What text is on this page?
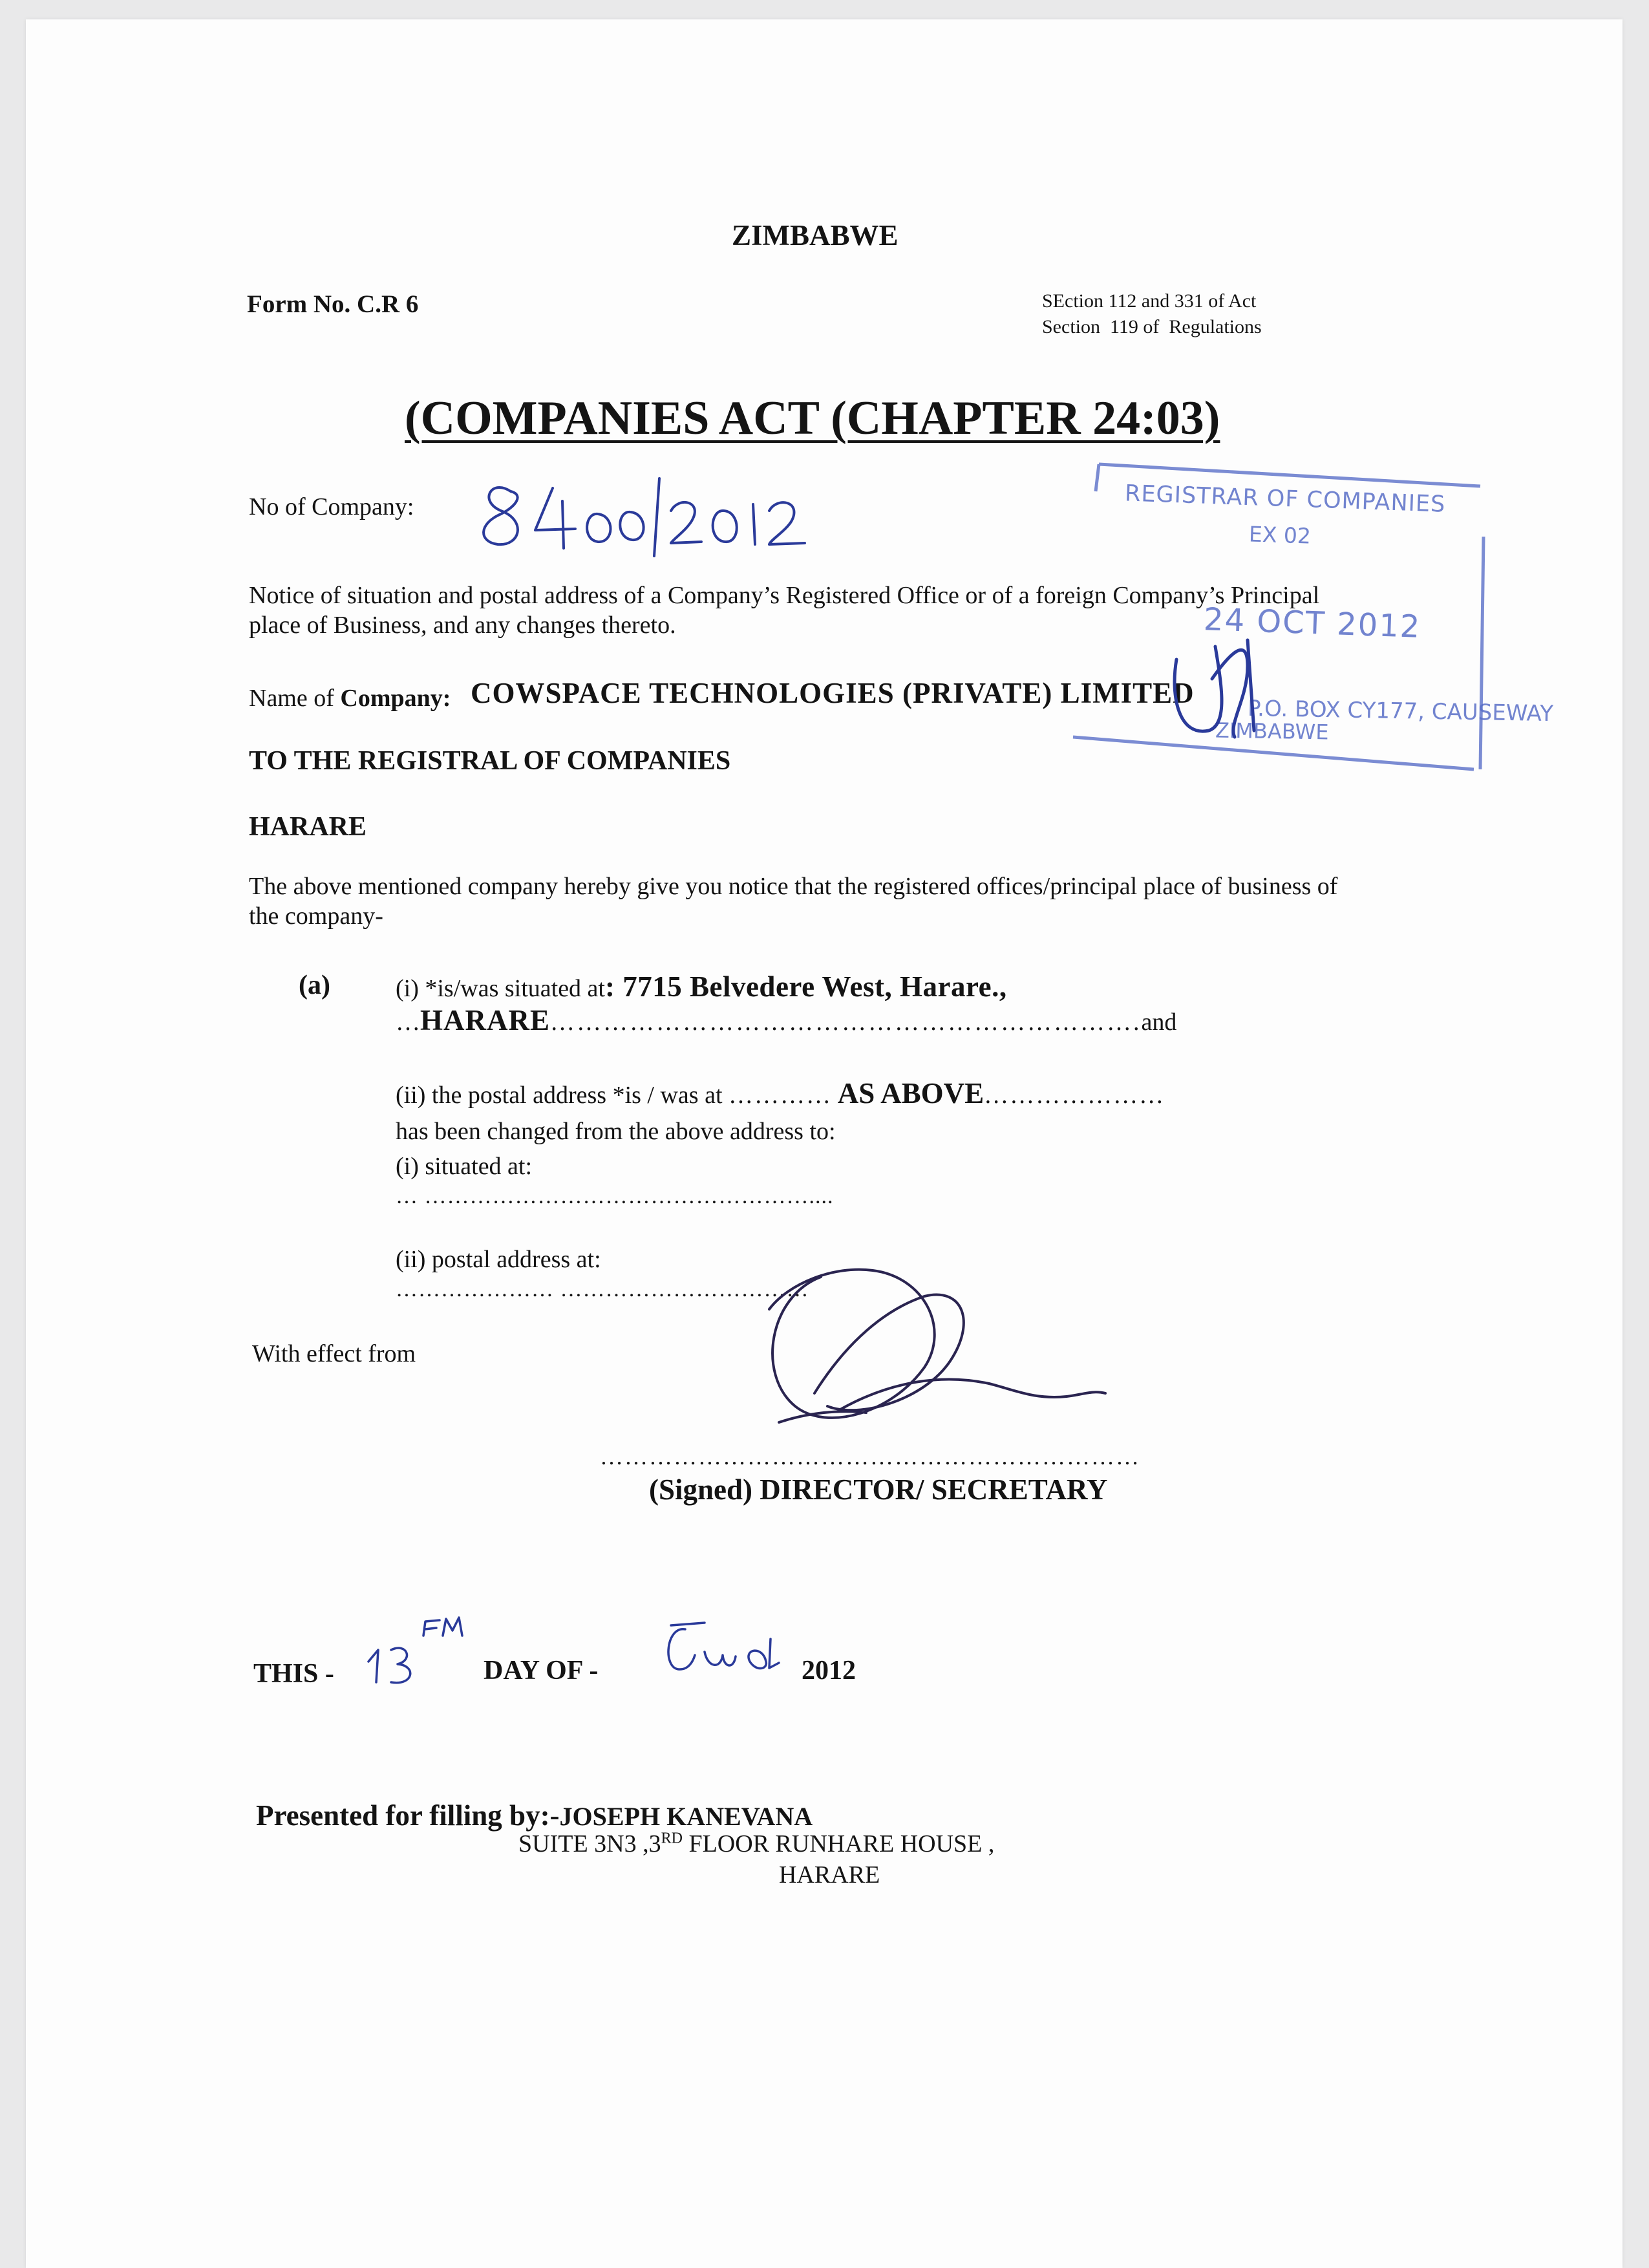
ZIMBABWE
Form No. C.R 6	SEction 112 and 331 of Act
Section  119 of  Regulations
(COMPANIES ACT (CHAPTER 24:03)
No of Company:
Notice of situation and postal address of a Company’s Registered Office or of a foreign Company’s Principal place of Business, and any changes thereto.
Name of Company: COWSPACE TECHNOLOGIES (PRIVATE) LIMITED
TO THE REGISTRAL OF COMPANIES
HARARE
The above mentioned company hereby give you notice that the registered offices/principal place of business of the company-
(a)	(i) *is/was situated at: 7715 Belvedere West, Harare.,
…HARARE………………………………………………………….and
(ii) the postal address *is / was at ………… AS ABOVE…………………
has been changed from the above address to:
(i) situated at:
… ……………………………………………....
(ii) postal address at:
………………… ……………………………
With effect from
…………………………………………………………
(Signed) DIRECTOR/ SECRETARY
THIS -	DAY OF -	2012
Presented for filling by:-JOSEPH KANEVANA
SUITE 3N3 ,3RD FLOOR RUNHARE HOUSE ,
HARARE
REGISTRAR OF COMPANIES
EX 02
24 OCT 2012
P.O. BOX CY177, CAUSEWAY
ZIMBABWE
